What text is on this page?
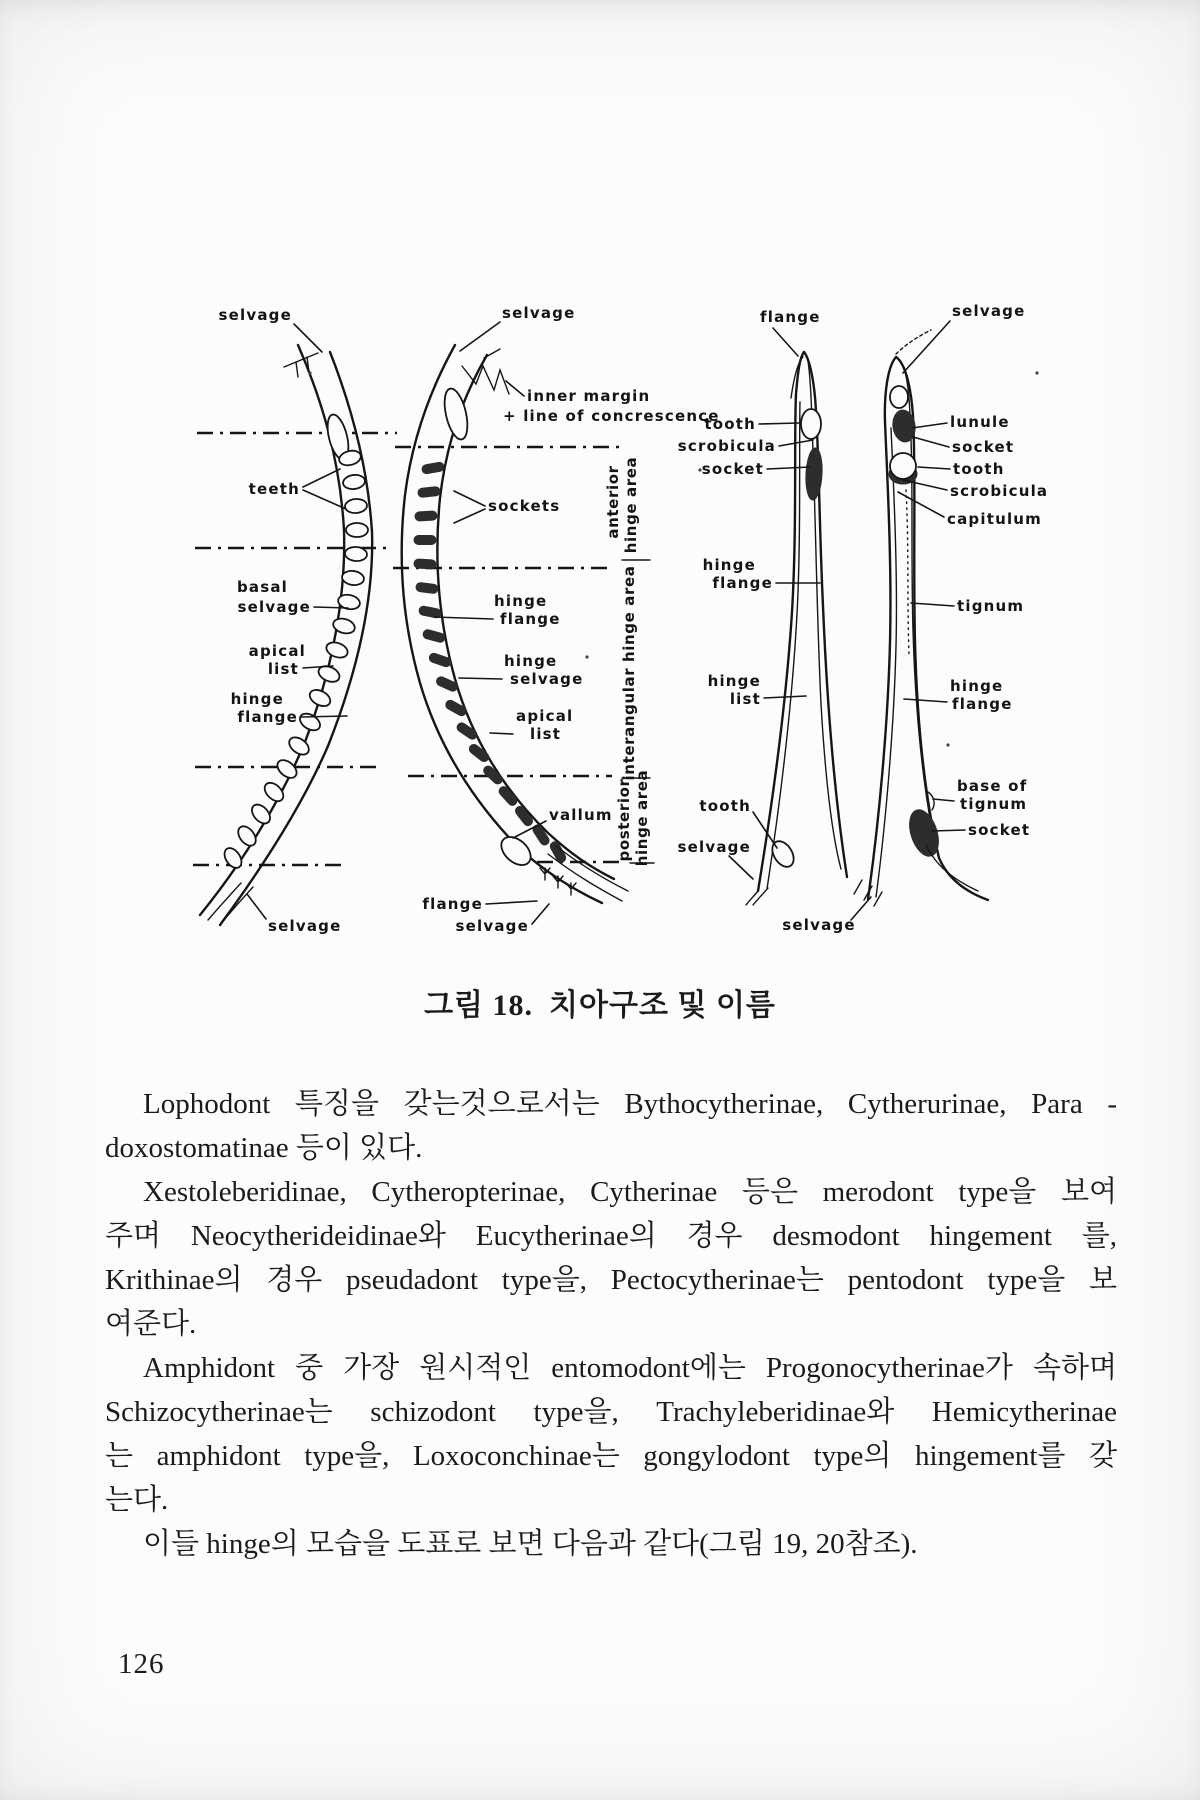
selvage
teeth
basal
selvage
apical
list
hinge
flange
selvage
selvage
inner margin
+ line of concrescence
sockets
hinge
flange
hinge
selvage
apical
list
vallum
flange
selvage
anterior hinge area
interangular hinge area
posterior hinge area
flange
tooth
scrobicula
socket
hinge
flange
hinge
list
tooth
selvage
selvage
lunule
socket
tooth
scrobicula
capitulum
tignum
hinge
flange
base of
tignum
socket
selvage
그림 18. 치아구조 및 이름
Lophodont 특징을 갖는것으로서는 Bythocytherinae, Cytherurinae, Para -
doxostomatinae 등이 있다.
Xestoleberidinae, Cytheropterinae, Cytherinae 등은 merodont type을 보여
주며 Neocytherideidinae와 Eucytherinae의 경우 desmodont hingement 를,
Krithinae의 경우 pseudadont type을, Pectocytherinae는 pentodont type을 보
여준다.
Amphidont 중 가장 원시적인 entomodont에는 Progonocytherinae가 속하며
Schizocytherinae는 schizodont type을, Trachyleberidinae와 Hemicytherinae
는 amphidont type을, Loxoconchinae는 gongylodont type의 hingement를 갖
는다.
이들 hinge의 모습을 도표로 보면 다음과 같다(그림 19, 20참조).
126
